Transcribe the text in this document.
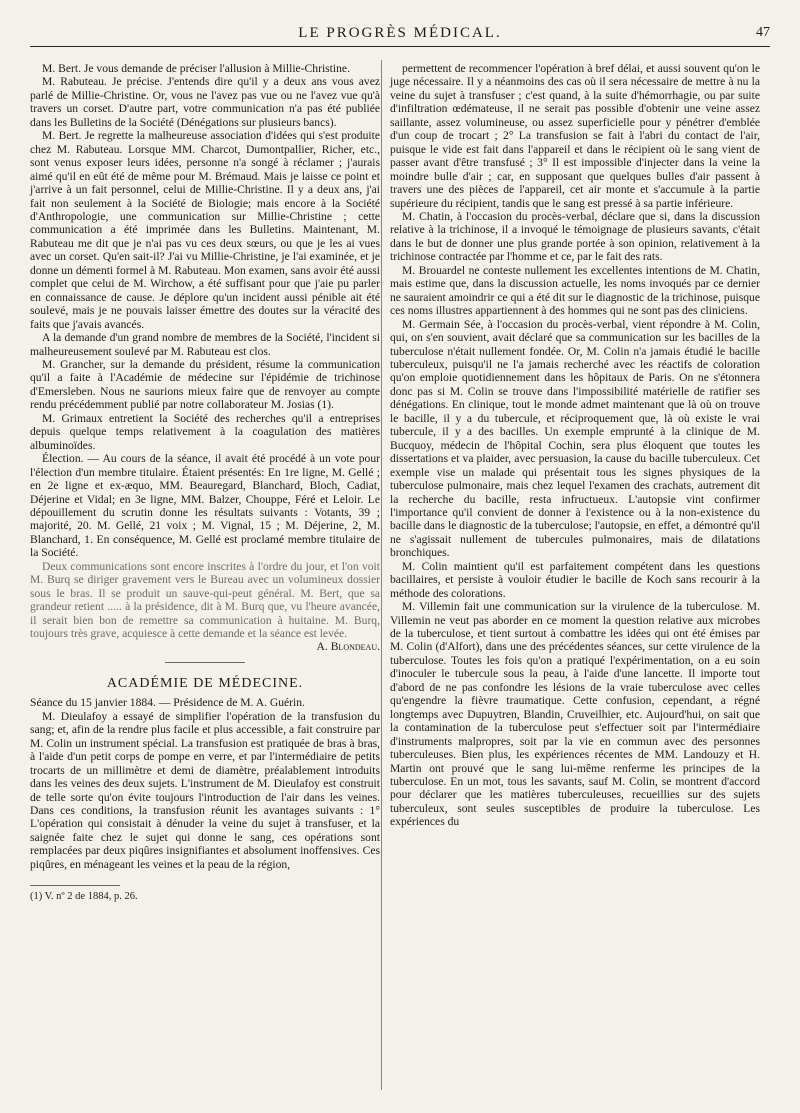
LE PROGRÈS MÉDICAL.	47

M. Bert. Je vous demande de préciser l'allusion à Millie-Christine.

M. Rabuteau. Je précise. J'entends dire qu'il y a deux ans vous avez parlé de Millie-Christine. Or, vous ne l'avez pas vue ou ne l'avez vue qu'à travers un corset. D'autre part, votre communication n'a pas été publiée dans les Bulletins de la Société (Dénégations sur plusieurs bancs).

M. Bert. Je regrette la malheureuse association d'idées qui s'est produite chez M. Rabuteau. Lorsque MM. Charcot, Dumontpallier, Richer, etc., sont venus exposer leurs idées, personne n'a songé à réclamer ; j'aurais aimé qu'il en eût été de même pour M. Brémaud. Mais je laisse ce point et j'arrive à un fait personnel, celui de Millie-Christine. Il y a deux ans, j'ai fait non seulement à la Société de Biologie; mais encore à la Société d'Anthropologie, une communication sur Millie-Christine ; cette communication a été imprimée dans les Bulletins. Maintenant, M. Rabuteau me dit que je n'ai pas vu ces deux sœurs, ou que je les ai vues avec un corset. Qu'en sait-il? J'ai vu Millie-Christine, je l'ai examinée, et je donne un démenti formel à M. Rabuteau. Mon examen, sans avoir été aussi complet que celui de M. Wirchow, a été suffisant pour que j'aie pu parler en connaissance de cause. Je déplore qu'un incident aussi pénible ait été soulevé, mais je ne pouvais laisser émettre des doutes sur la véracité des faits que j'avais avancés.

A la demande d'un grand nombre de membres de la Société, l'incident si malheureusement soulevé par M. Rabuteau est clos.

M. Grancher, sur la demande du président, résume la communication qu'il a faite à l'Académie de médecine sur l'épidémie de trichinose d'Emersleben. Nous ne saurions mieux faire que de renvoyer au compte rendu précédemment publié par notre collaborateur M. Josias (1).

M. Grimaux entretient la Société des recherches qu'il a entreprises depuis quelque temps relativement à la coagulation des matières albuminoïdes.

Élection. — Au cours de la séance, il avait été procédé à un vote pour l'élection d'un membre titulaire. Étaient présentés: En 1re ligne, M. Gellé ; en 2e ligne et ex-æquo, MM. Beauregard, Blanchard, Bloch, Cadiat, Déjerine et Vidal; en 3e ligne, MM. Balzer, Chouppe, Féré et Leloir. Le dépouillement du scrutin donne les résultats suivants : Votants, 39 ; majorité, 20. M. Gellé, 21 voix ; M. Vignal, 15 ; M. Déjerine, 2, M. Blanchard, 1. En conséquence, M. Gellé est proclamé membre titulaire de la Société.

Deux communications sont encore inscrites à l'ordre du jour, et l'on voit M. Burq se diriger gravement vers le Bureau avec un volumineux dossier sous le bras. Il se produit un sauve-qui-peut général. M. Bert, que sa grandeur retient ..... à la présidence, dit à M. Burq que, vu l'heure avancée, il serait bien bon de remettre sa communication à huitaine. M. Burq, toujours très grave, acquiesce à cette demande et la séance est levée.

A. Blondeau.

ACADÉMIE DE MÉDECINE.

Séance du 15 janvier 1884. — Présidence de M. A. Guérin.

M. Dieulafoy a essayé de simplifier l'opération de la transfusion du sang; et, afin de la rendre plus facile et plus accessible, a fait construire par M. Colin un instrument spécial. La transfusion est pratiquée de bras à bras, à l'aide d'un petit corps de pompe en verre, et par l'intermédiaire de petits trocarts de un millimètre et demi de diamètre, préalablement introduits dans les veines des deux sujets. L'instrument de M. Dieulafoy est construit de telle sorte qu'on évite toujours l'introduction de l'air dans les veines. Dans ces conditions, la transfusion réunit les avantages suivants : 1° L'opération qui consistait à dénuder la veine du sujet à transfuser, et la saignée faite chez le sujet qui donne le sang, ces opérations sont remplacées par deux piqûres insignifiantes et absolument inoffensives. Ces piqûres, en ménageant les veines et la peau de la région,

(1) V. nº 2 de 1884, p. 26.

permettent de recommencer l'opération à bref délai, et aussi souvent qu'on le juge nécessaire. Il y a néanmoins des cas où il sera nécessaire de mettre à nu la veine du sujet à transfuser ; c'est quand, à la suite d'hémorrhagie, ou par suite d'infiltration œdémateuse, il ne serait pas possible d'obtenir une veine assez saillante, assez volumineuse, ou assez superficielle pour y pénétrer d'emblée d'un coup de trocart ; 2° La transfusion se fait à l'abri du contact de l'air, puisque le vide est fait dans l'appareil et dans le récipient où le sang vient de passer avant d'être transfusé ; 3° Il est impossible d'injecter dans la veine la moindre bulle d'air ; car, en supposant que quelques bulles d'air passent à travers une des pièces de l'appareil, cet air monte et s'accumule à la partie supérieure du récipient, tandis que le sang est pressé à sa partie inférieure.

M. Chatin, à l'occasion du procès-verbal, déclare que si, dans la discussion relative à la trichinose, il a invoqué le témoignage de plusieurs savants, c'était dans le but de donner une plus grande portée à son opinion, relativement à la trichinose contractée par l'homme et ce, par le fait des rats.

M. Brouardel ne conteste nullement les excellentes intentions de M. Chatin, mais estime que, dans la discussion actuelle, les noms invoqués par ce dernier ne sauraient amoindrir ce qui a été dit sur le diagnostic de la trichinose, puisque ces noms illustres appartiennent à des hommes qui ne sont pas des cliniciens.

M. Germain Sée, à l'occasion du procès-verbal, vient répondre à M. Colin, qui, on s'en souvient, avait déclaré que sa communication sur les bacilles de la tuberculose n'était nullement fondée. Or, M. Colin n'a jamais étudié le bacille tuberculeux, puisqu'il ne l'a jamais recherché avec les réactifs de coloration qu'on emploie quotidiennement dans les hôpitaux de Paris. On ne s'étonnera donc pas si M. Colin se trouve dans l'impossibilité matérielle de ratifier ses dénégations. En clinique, tout le monde admet maintenant que là où on trouve le bacille, il y a du tubercule, et réciproquement que, là où existe le vrai tubercule, il y a des bacilles. Un exemple emprunté à la clinique de M. Bucquoy, médecin de l'hôpital Cochin, sera plus éloquent que toutes les dissertations et va plaider, avec persuasion, la cause du bacille tuberculeux. Cet exemple vise un malade qui présentait tous les signes physiques de la tuberculose pulmonaire, mais chez lequel l'examen des crachats, autrement dit la recherche du bacille, resta infructueux. L'autopsie vint confirmer l'importance qu'il convient de donner à l'existence ou à la non-existence du bacille dans le diagnostic de la tuberculose; l'autopsie, en effet, a démontré qu'il ne s'agissait nullement de tubercules pulmonaires, mais de dilatations bronchiques.

M. Colin maintient qu'il est parfaitement compétent dans les questions bacillaires, et persiste à vouloir étudier le bacille de Koch sans recourir à la méthode des colorations.

M. Villemin fait une communication sur la virulence de la tuberculose. M. Villemin ne veut pas aborder en ce moment la question relative aux microbes de la tuberculose, et tient surtout à combattre les idées qui ont été émises par M. Colin (d'Alfort), dans une des précédentes séances, sur cette virulence de la tuberculose. Toutes les fois qu'on a pratiqué l'expérimentation, on a eu soin d'inoculer le tubercule sous la peau, à l'aide d'une lancette. Il importe tout d'abord de ne pas confondre les lésions de la vraie tuberculose avec celles qu'engendre la fièvre traumatique. Cette confusion, cependant, a régné longtemps avec Dupuytren, Blandin, Cruveilhier, etc. Aujourd'hui, on sait que la contamination de la tuberculose peut s'effectuer soit par l'intermédiaire d'instruments malpropres, soit par la vie en commun avec des personnes tuberculeuses. Bien plus, les expériences récentes de MM. Landouzy et H. Martin ont prouvé que le sang lui-même renferme les principes de la tuberculose. En un mot, tous les savants, sauf M. Colin, se montrent d'accord pour déclarer que les matières tuberculeuses, recueillies sur des sujets tuberculeux, sont seules susceptibles de produire la tuberculose. Les expériences du
